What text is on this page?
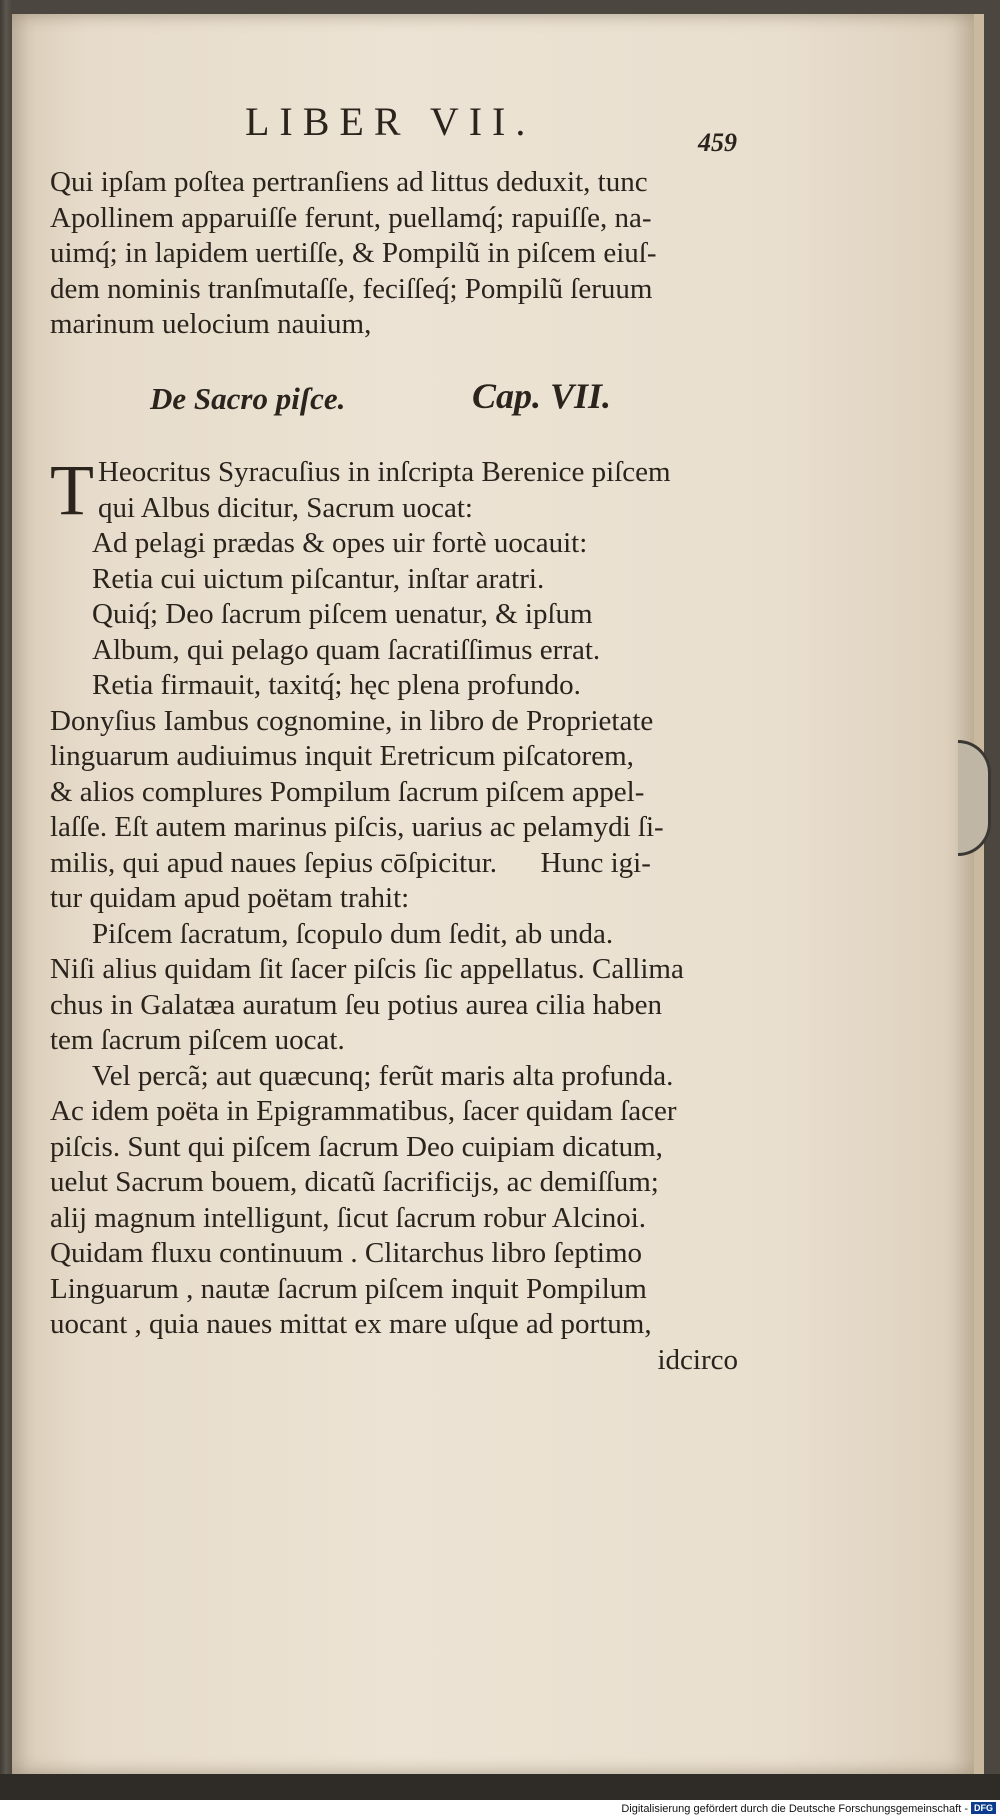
LIBER VII.	459
Qui ipſam poſtea pertranſiens ad littus deduxit, tunc
Apollinem apparuiſſe ferunt, puellamq́; rapuiſſe, na-
uimq́; in lapidem uertiſſe, & Pompilũ in piſcem eiuſ-
dem nominis tranſmutaſſe, feciſſeq́; Pompilũ ſeruum
marinum uelocium nauium,
De Sacro piſce.	Cap. VII.
T Heocritus Syracuſius in inſcripta Berenice piſcem
qui Albus dicitur, Sacrum uocat:
Ad pelagi prædas & opes uir fortè uocauit:
Retia cui uictum piſcantur, inſtar aratri.
Quiq́; Deo ſacrum piſcem uenatur, & ipſum
Album, qui pelago quam ſacratiſſimus errat.
Retia firmauit, taxitq́; hęc plena profundo.
Donyſius Iambus cognomine, in libro de Proprietate
linguarum audiuimus inquit Eretricum piſcatorem,
& alios complures Pompilum ſacrum piſcem appel-
laſſe. Eſt autem marinus piſcis, uarius ac pelamydi ſi-
milis, qui apud naues ſepius cōſpicitur.      Hunc igi-
tur quidam apud poëtam trahit:
Piſcem ſacratum, ſcopulo dum ſedit, ab unda.
Niſi alius quidam ſit ſacer piſcis ſic appellatus. Callima
chus in Galatæa auratum ſeu potius aurea cilia haben
tem ſacrum piſcem uocat.
Vel percã; aut quæcunq; ferũt maris alta profunda.
Ac idem poëta in Epigrammatibus, ſacer quidam ſacer
piſcis. Sunt qui piſcem ſacrum Deo cuipiam dicatum,
uelut Sacrum bouem, dicatũ ſacrificijs, ac demiſſum;
alij magnum intelligunt, ſicut ſacrum robur Alcinoi.
Quidam fluxu continuum . Clitarchus libro ſeptimo
Linguarum , nautæ ſacrum piſcem inquit Pompilum
uocant , quia naues mittat ex mare uſque ad portum,
idcirco
Digitalisierung gefördert durch die Deutsche Forschungsgemeinschaft - DFG
